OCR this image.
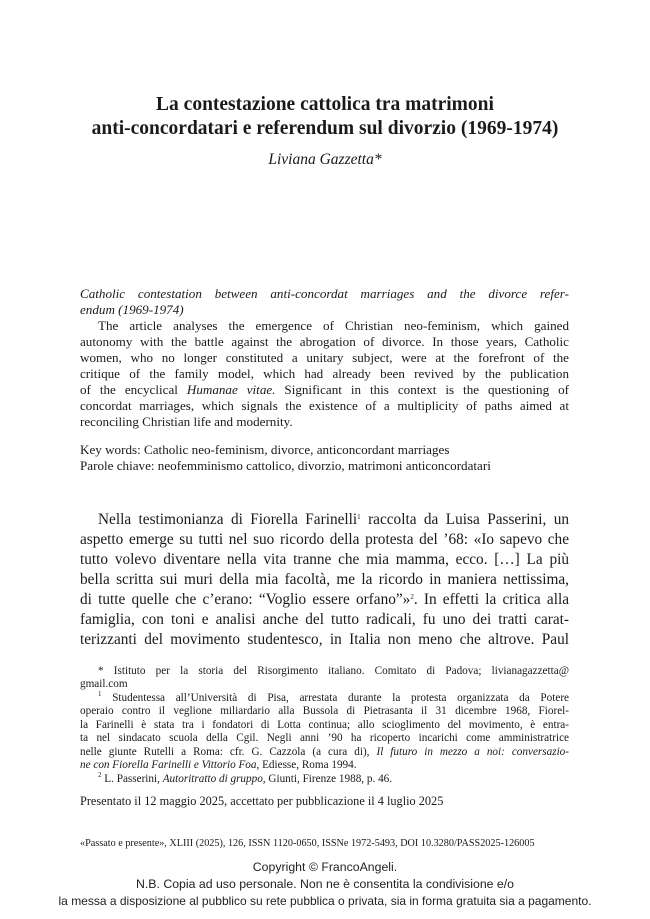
La contestazione cattolica tra matrimoni
anti-concordatari e referendum sul divorzio (1969-1974)
Liviana Gazzetta*
Catholic contestation between anti-concordat marriages and the divorce refer-
endum (1969-1974)
The article analyses the emergence of Christian neo-feminism, which gained
autonomy with the battle against the abrogation of divorce. In those years, Catholic
women, who no longer constituted a unitary subject, were at the forefront of the
critique of the family model, which had already been revived by the publication
of the encyclical Humanae vitae. Significant in this context is the questioning of
concordat marriages, which signals the existence of a multiplicity of paths aimed at
reconciling Christian life and modernity.
Key words: Catholic neo-feminism, divorce, anticoncordant marriages
Parole chiave: neofemminismo cattolico, divorzio, matrimoni anticoncordatari
Nella testimonianza di Fiorella Farinelli$^1$ raccolta da Luisa Passerini, un
aspetto emerge su tutti nel suo ricordo della protesta del ’68: «Io sapevo che
tutto volevo diventare nella vita tranne che mia mamma, ecco. […] La più
bella scritta sui muri della mia facoltà, me la ricordo in maniera nettissima,
di tutte quelle che c’erano: “Voglio essere orfano”»$^2$. In effetti la critica alla
famiglia, con toni e analisi anche del tutto radicali, fu uno dei tratti carat-
terizzanti del movimento studentesco, in Italia non meno che altrove. Paul
* Istituto per la storia del Risorgimento italiano. Comitato di Padova; livianagazzetta@
gmail.com
$^1$ Studentessa all’Università di Pisa, arrestata durante la protesta organizzata da Potere
operaio contro il veglione miliardario alla Bussola di Pietrasanta il 31 dicembre 1968, Fiorel-
la Farinelli è stata tra i fondatori di Lotta continua; allo scioglimento del movimento, è entra-
ta nel sindacato scuola della Cgil. Negli anni ’90 ha ricoperto incarichi come amministratrice
nelle giunte Rutelli a Roma: cfr. G. Cazzola (a cura di), Il futuro in mezzo a noi: conversazio-
ne con Fiorella Farinelli e Vittorio Foa, Ediesse, Roma 1994.
$^2$ L. Passerini, Autoritratto di gruppo, Giunti, Firenze 1988, p. 46.
Presentato il 12 maggio 2025, accettato per pubblicazione il 4 luglio 2025
«Passato e presente», XLIII (2025), 126, ISSN 1120-0650, ISSNe 1972-5493, DOI 10.3280/PASS2025-126005
Copyright © FrancoAngeli.
N.B. Copia ad uso personale. Non ne è consentita la condivisione e/o
la messa a disposizione al pubblico su rete pubblica o privata, sia in forma gratuita sia a pagamento.
